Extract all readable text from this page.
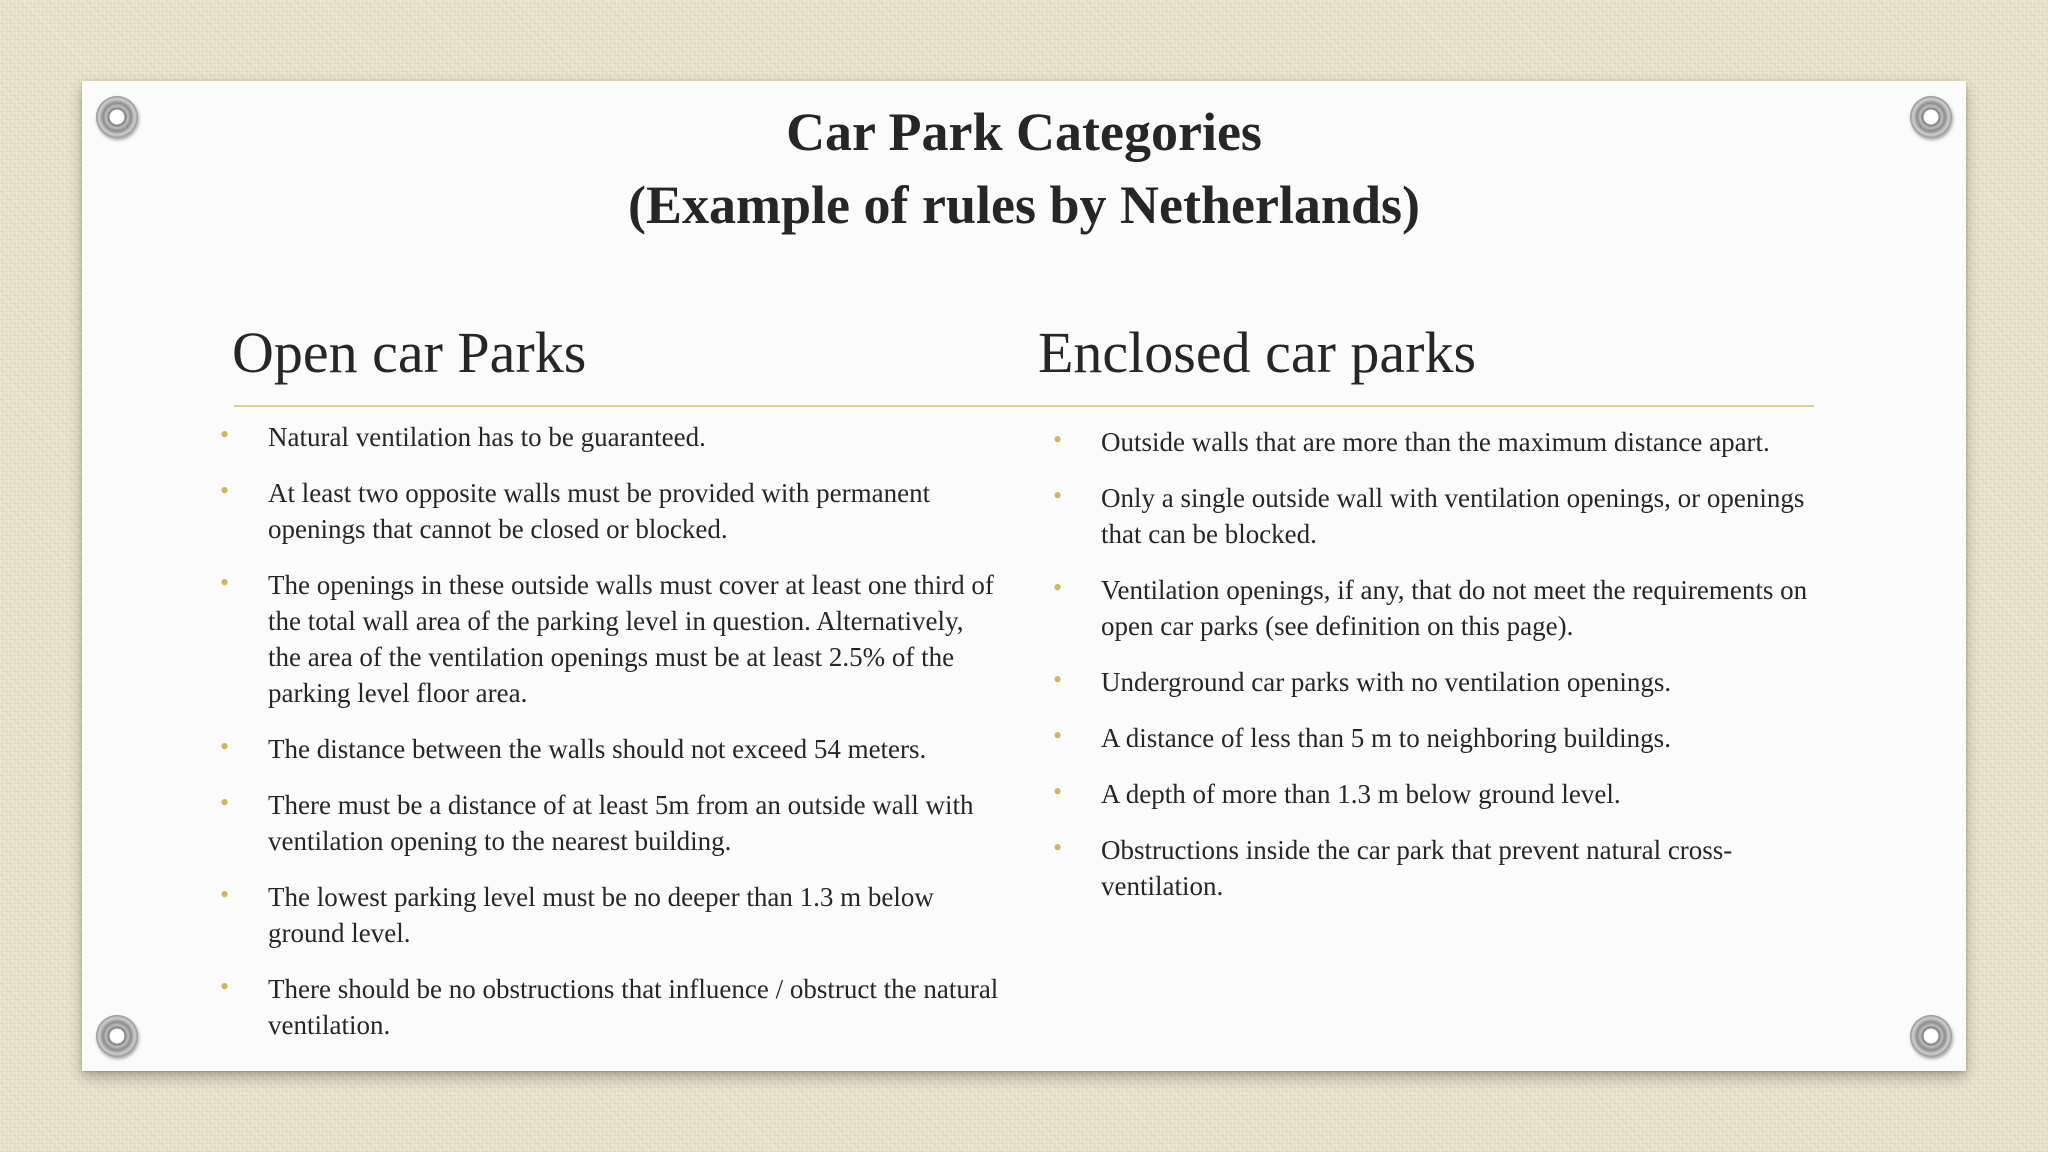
Car Park Categories
(Example of rules by Netherlands)
Open car Parks	Enclosed car parks
• Natural ventilation has to be guaranteed.
• At least two opposite walls must be provided with permanent openings that cannot be closed or blocked.
• The openings in these outside walls must cover at least one third of the total wall area of the parking level in question. Alternatively, the area of the ventilation openings must be at least 2.5% of the parking level floor area.
• The distance between the walls should not exceed 54 meters.
• There must be a distance of at least 5m from an outside wall with ventilation opening to the nearest building.
• The lowest parking level must be no deeper than 1.3 m below ground level.
• There should be no obstructions that influence / obstruct the natural ventilation.
• Outside walls that are more than the maximum distance apart.
• Only a single outside wall with ventilation openings, or openings that can be blocked.
• Ventilation openings, if any, that do not meet the requirements on open car parks (see definition on this page).
• Underground car parks with no ventilation openings.
• A distance of less than 5 m to neighboring buildings.
• A depth of more than 1.3 m below ground level.
• Obstructions inside the car park that prevent natural cross-ventilation.
